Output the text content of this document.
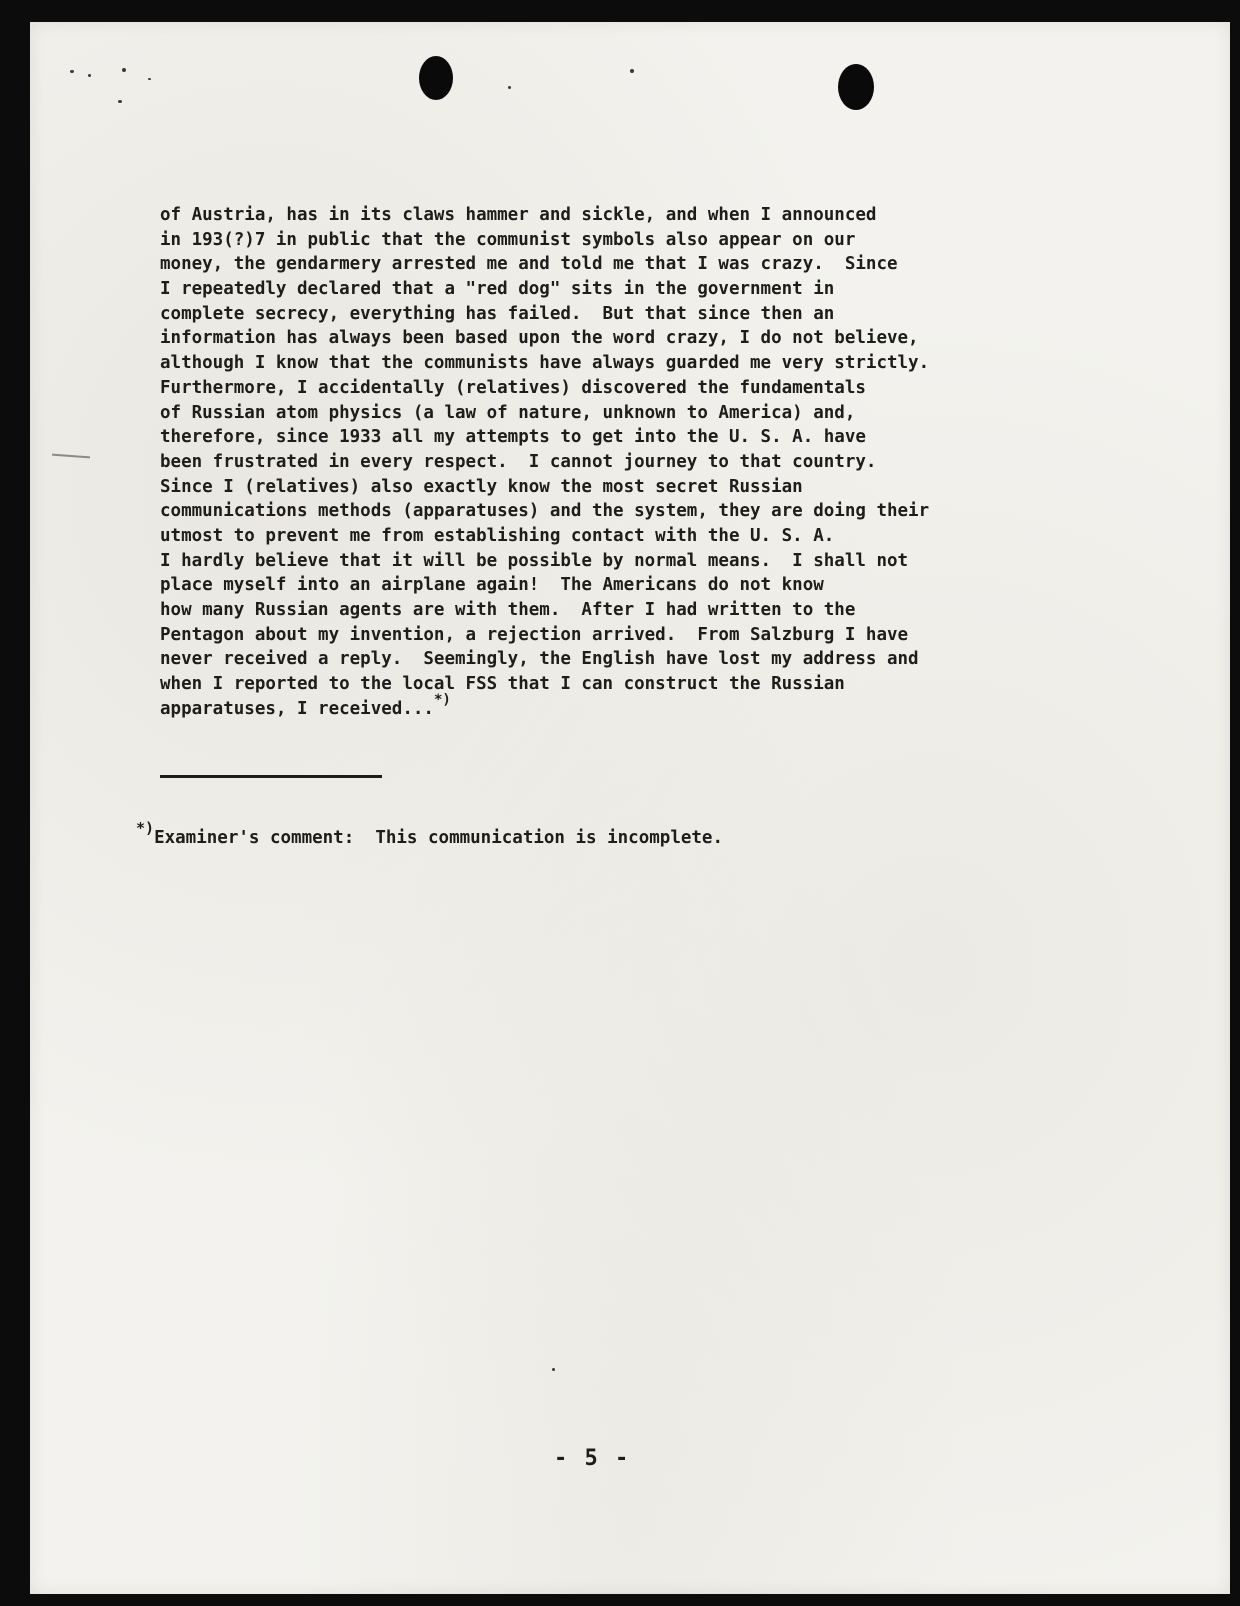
of Austria, has in its claws hammer and sickle, and when I announced
in 193(?)7 in public that the communist symbols also appear on our
money, the gendarmery arrested me and told me that I was crazy.  Since
I repeatedly declared that a "red dog" sits in the government in
complete secrecy, everything has failed.  But that since then an
information has always been based upon the word crazy, I do not believe,
although I know that the communists have always guarded me very strictly.
Furthermore, I accidentally (relatives) discovered the fundamentals
of Russian atom physics (a law of nature, unknown to America) and,
therefore, since 1933 all my attempts to get into the U. S. A. have
been frustrated in every respect.  I cannot journey to that country.
Since I (relatives) also exactly know the most secret Russian
communications methods (apparatuses) and the system, they are doing their
utmost to prevent me from establishing contact with the U. S. A.
I hardly believe that it will be possible by normal means.  I shall not
place myself into an airplane again!  The Americans do not know
how many Russian agents are with them.  After I had written to the
Pentagon about my invention, a rejection arrived.  From Salzburg I have
never received a reply.  Seemingly, the English have lost my address and
when I reported to the local FSS that I can construct the Russian
apparatuses, I received...*)
*)Examiner's comment:  This communication is incomplete.
- 5 -
